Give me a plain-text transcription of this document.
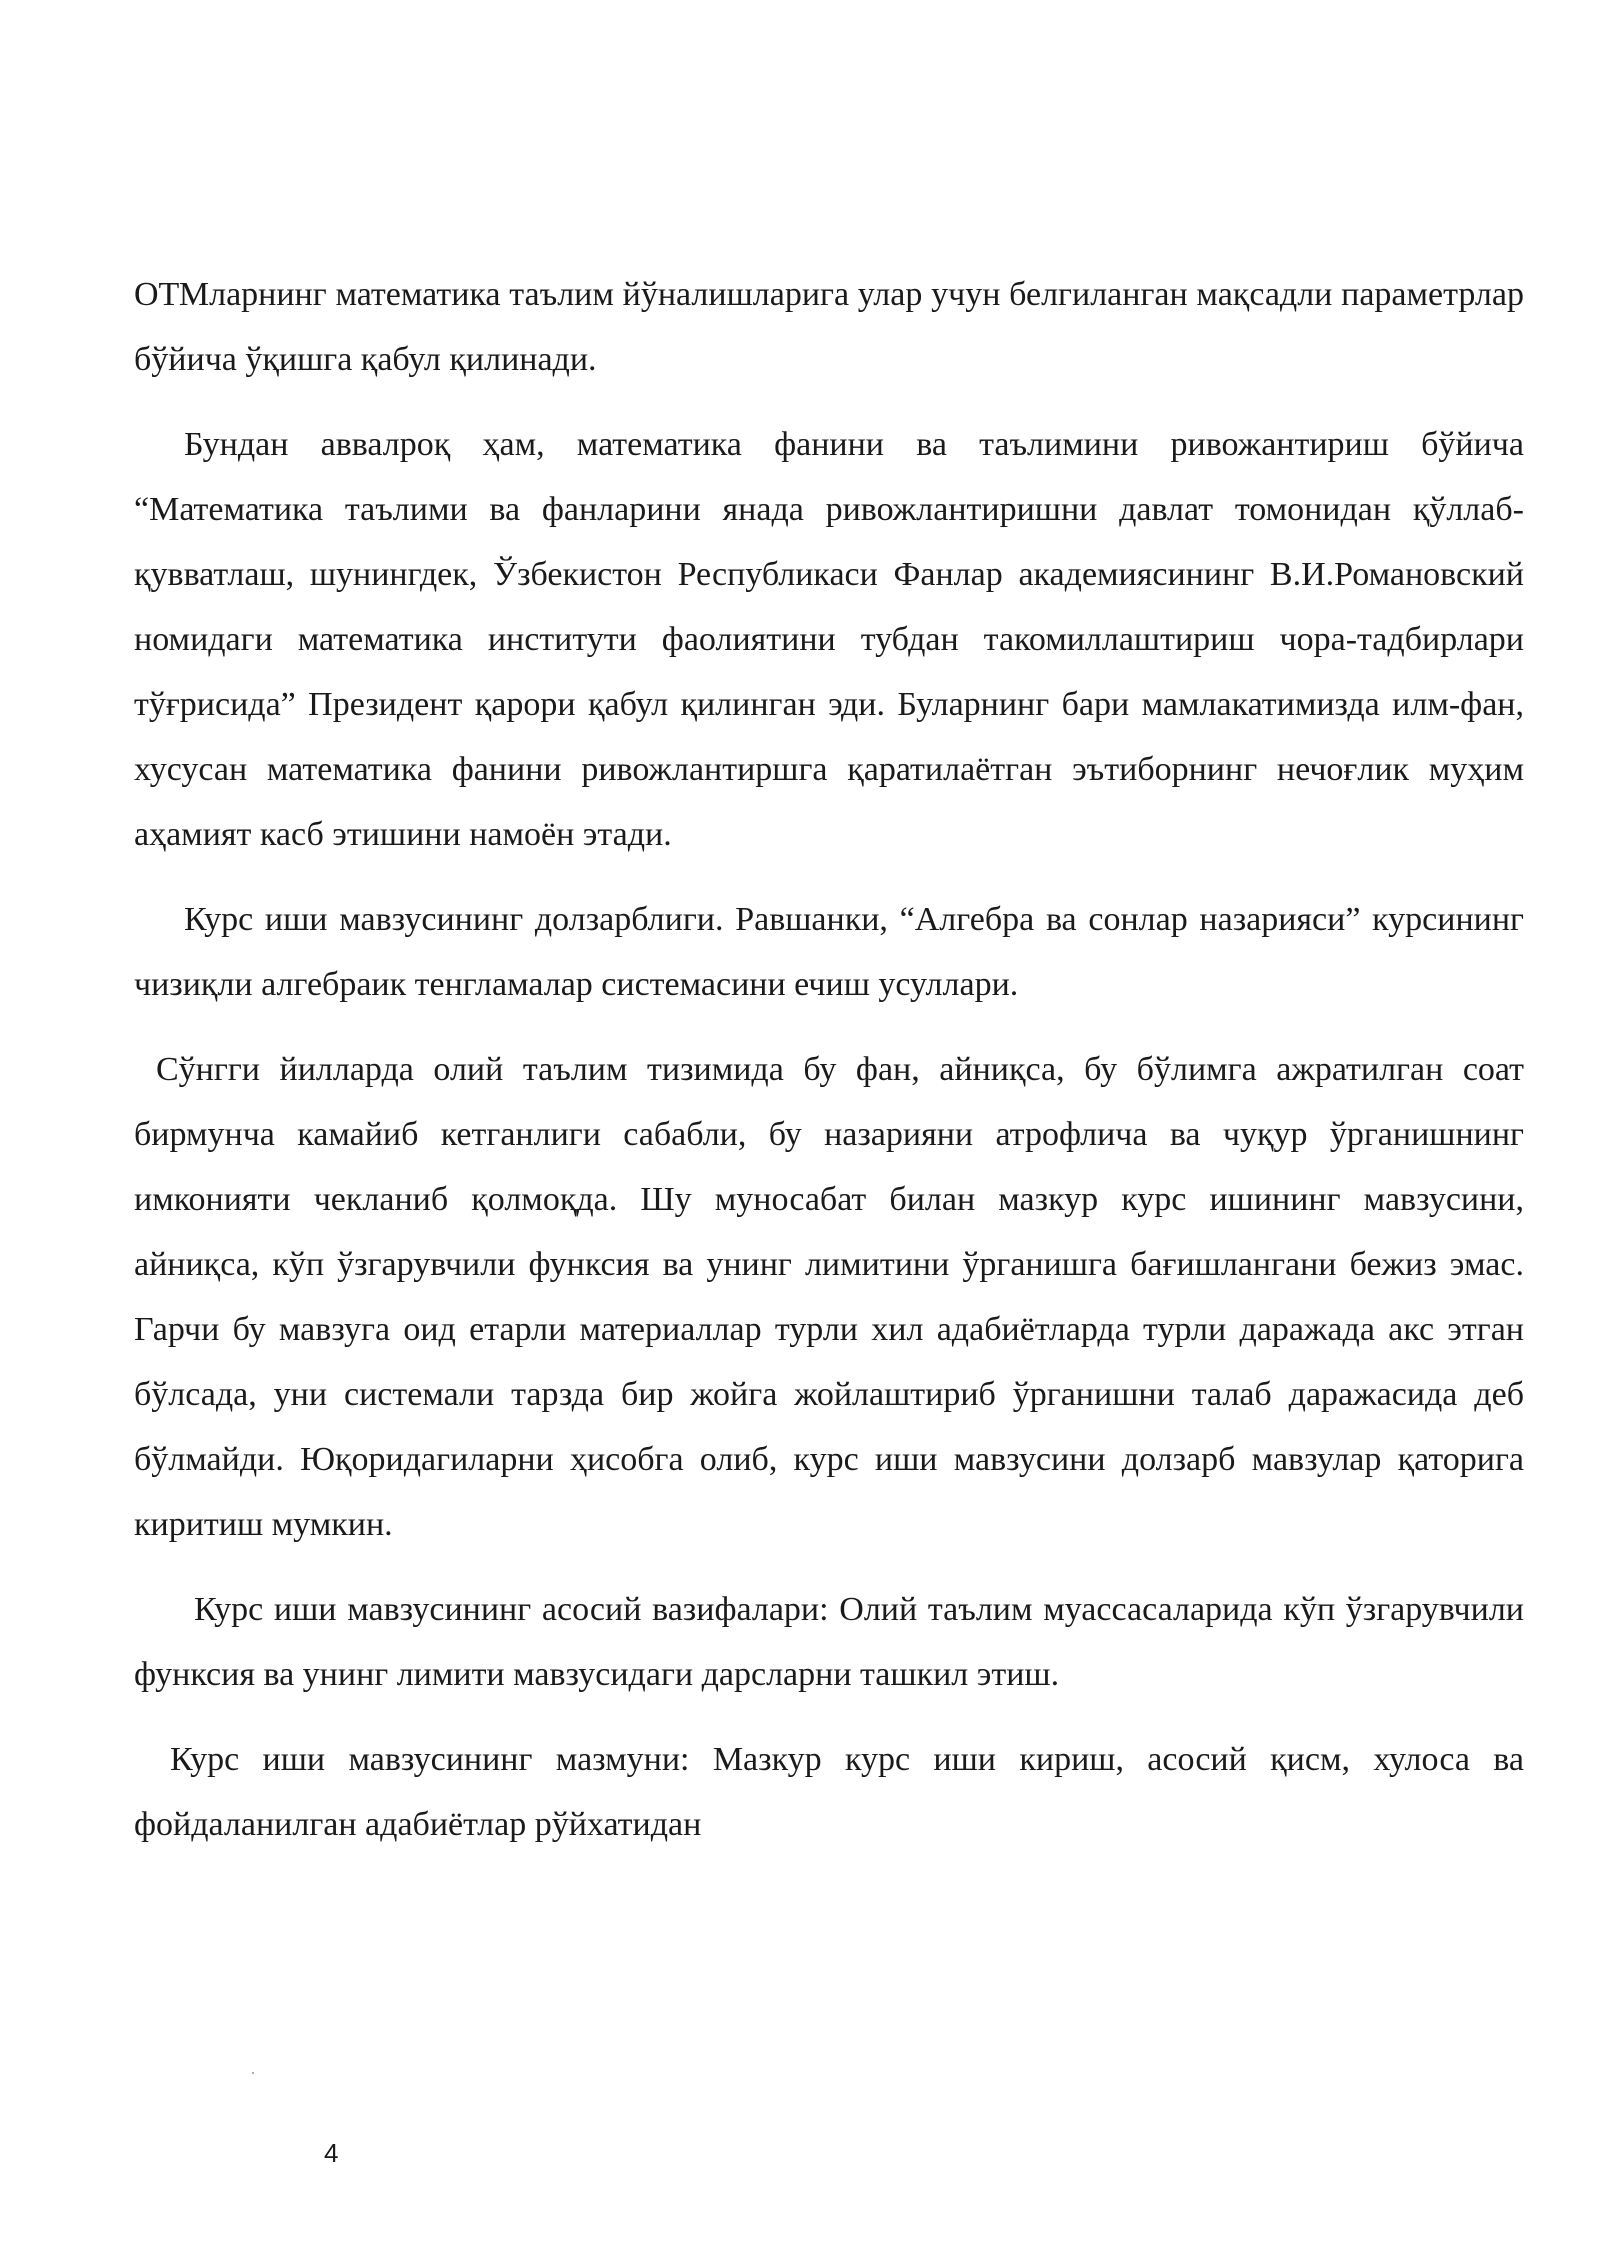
ОТМларнинг математика таълим йўналишларига улар учун белгиланган мақсадли параметрлар бўйича ўқишга қабул қилинади.

Бундан аввалроқ ҳам, математика фанини ва таълимини ривожантириш бўйича “Математика таълими ва фанларини янада ривожлантиришни давлат томонидан қўллаб-қувватлаш, шунингдек, Ўзбекистон Республикаси Фанлар академиясининг В.И.Романовский номидаги математика институти фаолиятини тубдан такомиллаштириш чора-тадбирлари тўғрисида” Президент қарори қабул қилинган эди. Буларнинг бари мамлакатимизда илм-фан, хусусан математика фанини ривожлантиршга қаратилаётган эътиборнинг нечоғлик муҳим аҳамият касб этишини намоён этади.

Курс иши мавзусининг долзарблиги. Равшанки, “Алгебра ва сонлар назарияси” курсининг чизиқли алгебраик тенгламалар системасини ечиш усуллари.

Сўнгги йилларда олий таълим тизимида бу фан, айниқса, бу бўлимга ажратилган соат бирмунча камайиб кетганлиги сабабли, бу назарияни атрофлича ва чуқур ўрганишнинг имконияти чекланиб қолмоқда. Шу муносабат билан мазкур курс ишининг мавзусини, айниқса, кўп ўзгарувчили функсия ва унинг лимитини ўрганишга бағишлангани бежиз эмас. Гарчи бу мавзуга оид етарли материаллар турли хил адабиётларда турли даражада акс этган бўлсада, уни системали тарзда бир жойга жойлаштириб ўрганишни талаб даражасида деб бўлмайди. Юқоридагиларни ҳисобга олиб, курс иши мавзусини долзарб мавзулар қаторига киритиш мумкин.

Курс иши мавзусининг асосий вазифалари: Олий таълим муассасаларида кўп ўзгарувчили функсия ва унинг лимити мавзусидаги дарсларни ташкил этиш.

Курс иши мавзусининг мазмуни: Мазкур курс иши кириш, асосий қисм, хулоса ва фойдаланилган адабиётлар рўйхатидан

4
